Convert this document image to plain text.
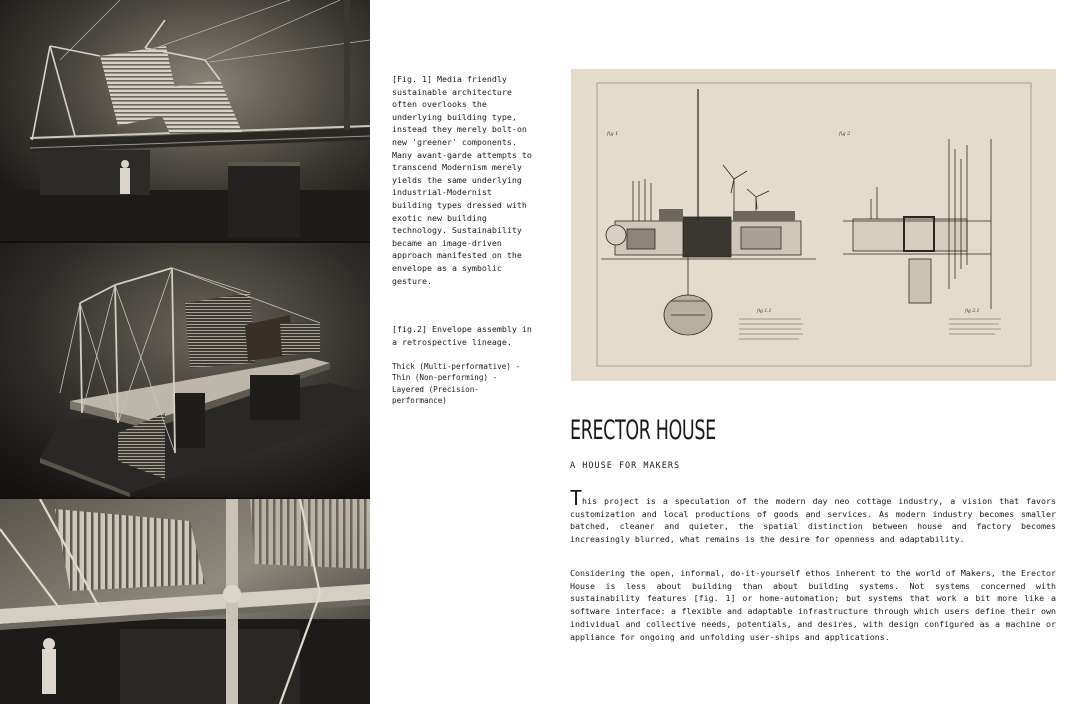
[Fig. 1] Media friendly sustainable architecture often overlooks the underlying building type, instead they merely bolt-on new 'greener' components. Many avant-garde attempts to transcend Modernism merely yields the same underlying industrial-Modernist building types dressed with exotic new building technology. Sustainability became an image-driven approach manifested on the envelope as a symbolic gesture.

[fig.2] Envelope assembly in a retrospective lineage.

Thick (Multi-performative) - Thin (Non-performing) - Layered (Precision-performance)

fig 1	fig 2
fig 1.1	fig 2.1
ERECTOR HOUSE

A HOUSE FOR MAKERS

This project is a speculation of the modern day neo cottage industry, a vision that favors customization and local productions of goods and services. As modern industry becomes smaller batched, cleaner and quieter, the spatial distinction between house and factory becomes increasingly blurred, what remains is the desire for openness and adaptability.

Considering the open, informal, do-it-yourself ethos inherent to the world of Makers, the Erector House is less about building than about building systems. Not systems concerned with sustainability features [fig. 1] or home-automation; but systems that work a bit more like a software interface: a flexible and adaptable infrastructure through which users define their own individual and collective needs, potentials, and desires, with design configured as a machine or appliance for ongoing and unfolding user-ships and applications.
